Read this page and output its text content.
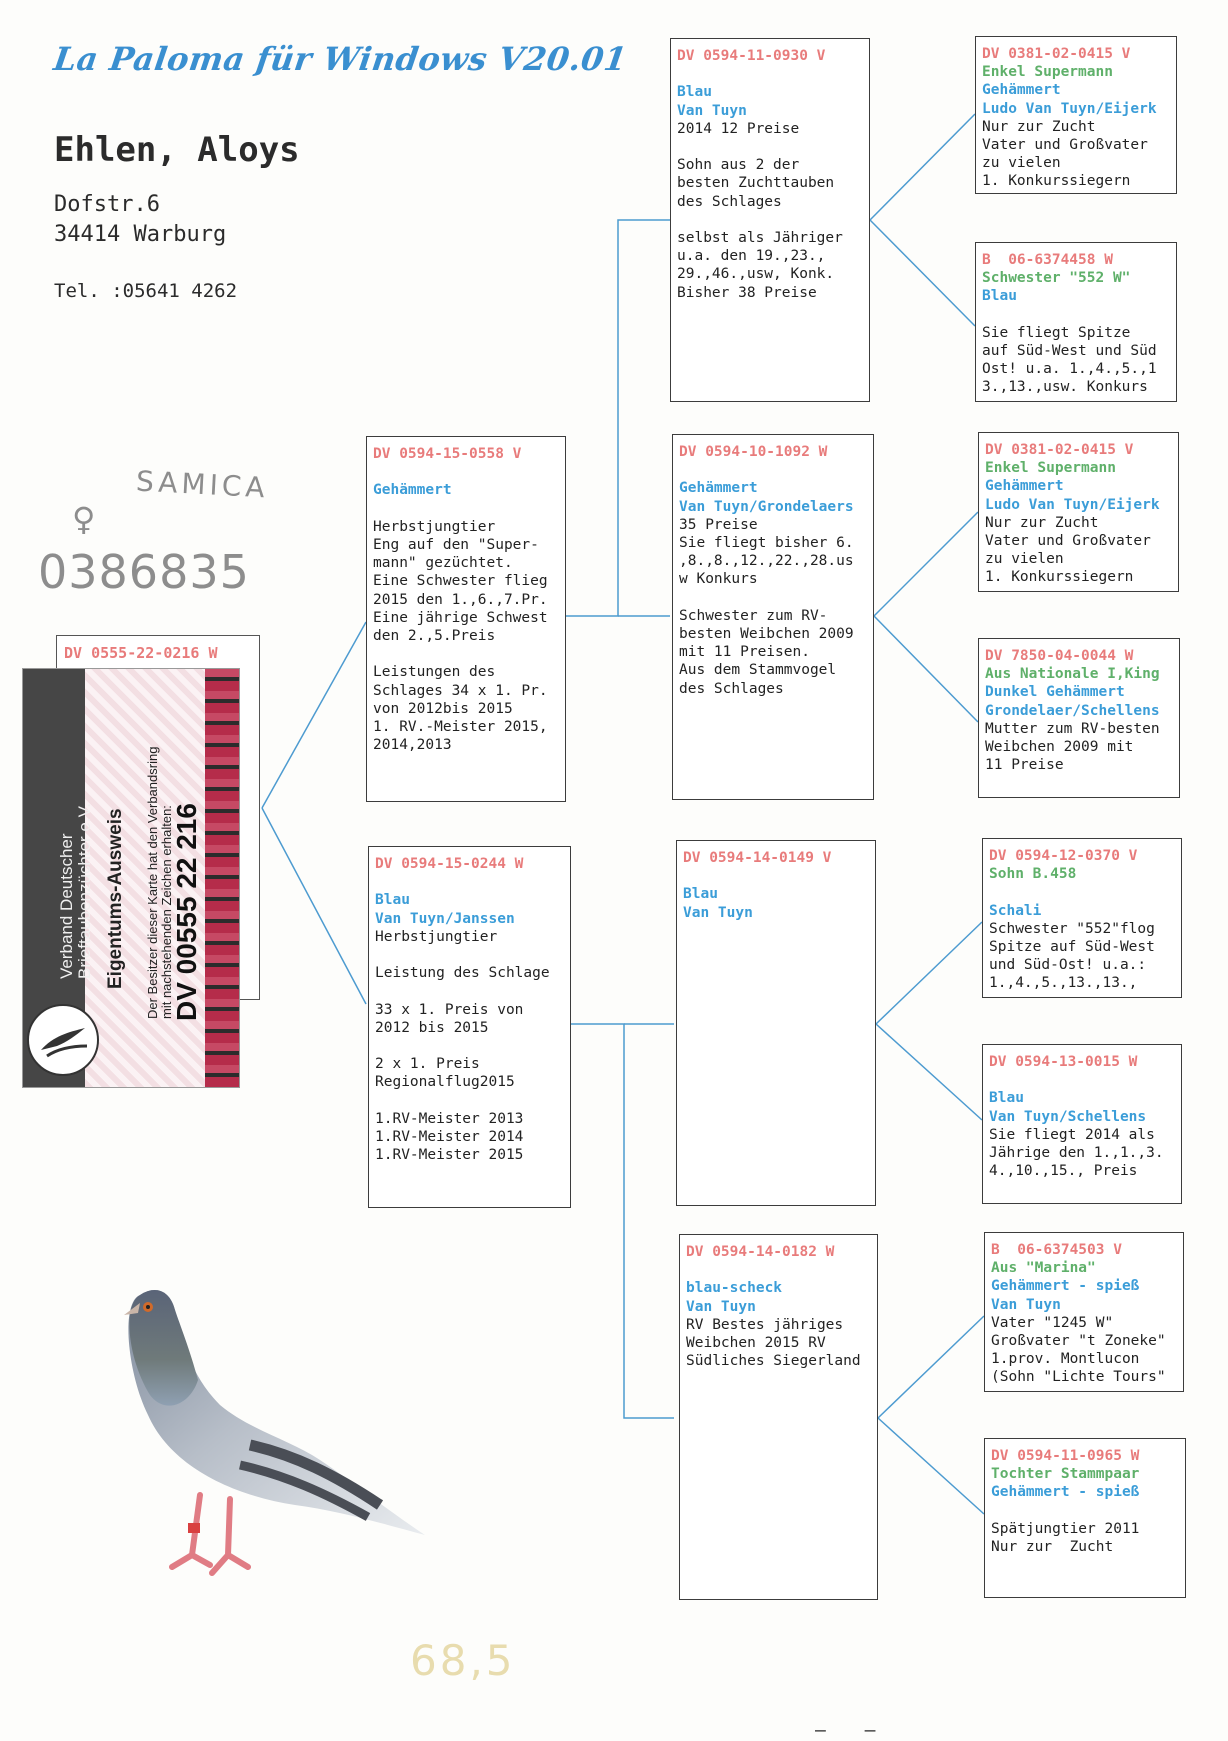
La Paloma für Windows V20.01
Ehlen, Aloys
Dofstr.6
34414 Warburg
Tel. :05641 4262
SAMICA
♀
0386835
68,5
DV 0555-22-0216 W
Verband Deutscher Brieftaubenzüchter e.V. Eigentums-Ausweis Der Besitzer dieser Karte hat den Verbandsring mit nachstehenden Zeichen erhalten:
DV 00555 22 216
DV 0594-15-0558 V
Gehämmert
Herbstjungtier
Eng auf den "Super-
mann" gezüchtet.
Eine Schwester flieg
2015 den 1.,6.,7.Pr.
Eine jährige Schwest
den 2.,5.Preis
Leistungen des
Schlages 34 x 1. Pr.
von 2012bis 2015
1. RV.-Meister 2015,
2014,2013
DV 0594-15-0244 W
Blau
Van Tuyn/Janssen
Herbstjungtier
Leistung des Schlage
33 x 1. Preis von
2012 bis 2015
2 x 1. Preis
Regionalflug2015
1.RV-Meister 2013
1.RV-Meister 2014
1.RV-Meister 2015
DV 0594-11-0930 V
Blau
Van Tuyn
2014 12 Preise
Sohn aus 2 der
besten Zuchttauben
des Schlages
selbst als Jähriger
u.a. den 19.,23.,
29.,46.,usw, Konk.
Bisher 38 Preise
DV 0594-10-1092 W
Gehämmert
Van Tuyn/Grondelaers
35 Preise
Sie fliegt bisher 6.
,8.,8.,12.,22.,28.us
w Konkurs
Schwester zum RV-
besten Weibchen 2009
mit 11 Preisen.
Aus dem Stammvogel
des Schlages
DV 0594-14-0149 V
Blau
Van Tuyn
DV 0594-14-0182 W
blau-scheck
Van Tuyn
RV Bestes jähriges
Weibchen 2015 RV
Südliches Siegerland
DV 0381-02-0415 V
Enkel Supermann
Gehämmert
Ludo Van Tuyn/Eijerk
Nur zur Zucht
Vater und Großvater
zu vielen
1. Konkurssiegern
B  06-6374458 W
Schwester "552 W"
Blau
Sie fliegt Spitze
auf Süd-West und Süd
Ost! u.a. 1.,4.,5.,1
3.,13.,usw. Konkurs
DV 0381-02-0415 V
Enkel Supermann
Gehämmert
Ludo Van Tuyn/Eijerk
Nur zur Zucht
Vater und Großvater
zu vielen
1. Konkurssiegern
DV 7850-04-0044 W
Aus Nationale I,King
Dunkel Gehämmert
Grondelaer/Schellens
Mutter zum RV-besten
Weibchen 2009 mit
11 Preise
DV 0594-12-0370 V
Sohn B.458
Schali
Schwester "552"flog
Spitze auf Süd-West
und Süd-Ost! u.a.:
1.,4.,5.,13.,13.,
DV 0594-13-0015 W
Blau
Van Tuyn/Schellens
Sie fliegt 2014 als
Jährige den 1.,1.,3.
4.,10.,15., Preis
B  06-6374503 V
Aus "Marina"
Gehämmert - spieß
Van Tuyn
Vater "1245 W"
Großvater "t Zoneke"
1.prov. Montlucon
(Sohn "Lichte Tours"
DV 0594-11-0965 W
Tochter Stammpaar
Gehämmert - spieß
Spätjungtier 2011
Nur zur  Zucht
– –
